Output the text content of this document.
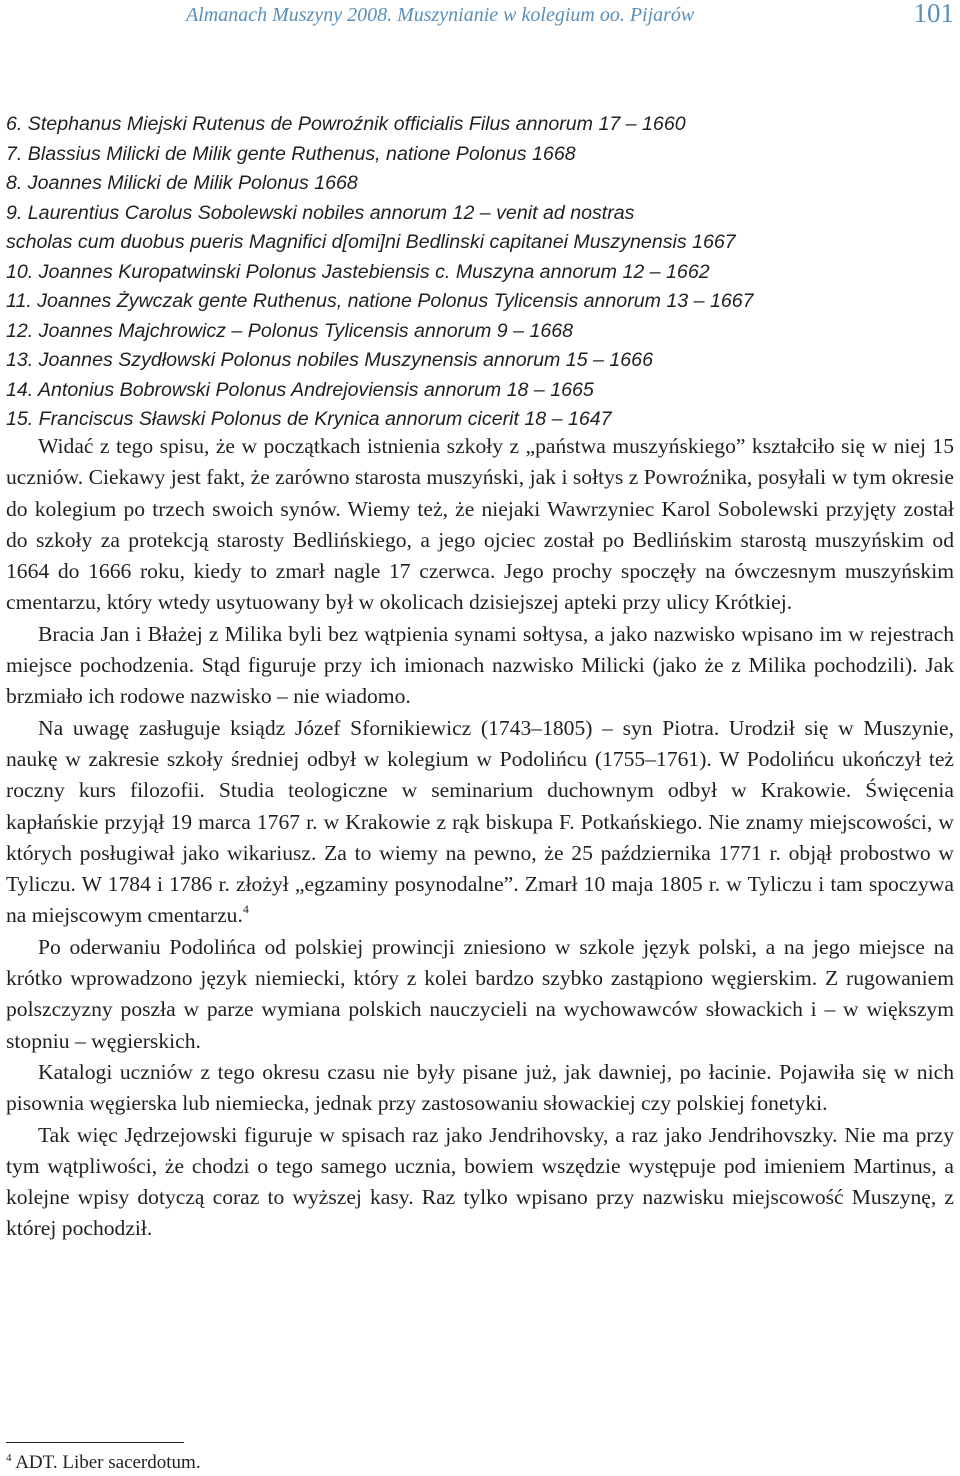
Almanach Muszyny 2008. Muszynianie w kolegium oo. Pijarów	101
6. Stephanus Miejski Rutenus de Powroźnik officialis Filus annorum 17 – 1660
7. Blassius Milicki de Milik gente Ruthenus, natione Polonus 1668
8. Joannes Milicki de Milik Polonus 1668
9. Laurentius Carolus Sobolewski nobiles annorum 12 – venit ad nostras
scholas cum duobus pueris Magnifici d[omi]ni Bedlinski capitanei Muszynensis 1667
10. Joannes Kuropatwinski Polonus Jastebiensis c. Muszyna annorum 12 – 1662
11. Joannes Żywczak gente Ruthenus, natione Polonus Tylicensis annorum 13 – 1667
12. Joannes Majchrowicz – Polonus Tylicensis annorum 9 – 1668
13. Joannes Szydłowski Polonus nobiles Muszynensis annorum 15 – 1666
14. Antonius Bobrowski Polonus Andrejoviensis annorum 18 – 1665
15. Franciscus Sławski Polonus de Krynica annorum cicerit 18 – 1647

Widać z tego spisu, że w początkach istnienia szkoły z „państwa muszyńskiego” kształciło się w niej 15 uczniów. Ciekawy jest fakt, że zarówno starosta muszyński, jak i sołtys z Powroźnika, posyłali w tym okresie do kolegium po trzech swoich synów. Wiemy też, że niejaki Wawrzyniec Karol Sobolewski przyjęty został do szkoły za protekcją starosty Bedlińskiego, a jego ojciec został po Bedlińskim starostą muszyńskim od 1664 do 1666 roku, kiedy to zmarł nagle 17 czerwca. Jego prochy spoczęły na ówczesnym muszyńskim cmentarzu, który wtedy usytuowany był w okolicach dzisiejszej apteki przy ulicy Krótkiej.

Bracia Jan i Błażej z Milika byli bez wątpienia synami sołtysa, a jako nazwisko wpisano im w rejestrach miejsce pochodzenia. Stąd figuruje przy ich imionach nazwisko Milicki (jako że z Milika pochodzili). Jak brzmiało ich rodowe nazwisko – nie wiadomo.

Na uwagę zasługuje ksiądz Józef Sfornikiewicz (1743–1805) – syn Piotra. Urodził się w Muszynie, naukę w zakresie szkoły średniej odbył w kolegium w Podolińcu (1755–1761). W Podolińcu ukończył też roczny kurs filozofii. Studia teologiczne w seminarium duchownym odbył w Krakowie. Święcenia kapłańskie przyjął 19 marca 1767 r. w Krakowie z rąk biskupa F. Potkańskiego. Nie znamy miejscowości, w których posługiwał jako wikariusz. Za to wiemy na pewno, że 25 października 1771 r. objął probostwo w Tyliczu. W 1784 i 1786 r. złożył „egzaminy posynodalne”. Zmarł 10 maja 1805 r. w Tyliczu i tam spoczywa na miejscowym cmentarzu.$^4$

Po oderwaniu Podolińca od polskiej prowincji zniesiono w szkole język polski, a na jego miejsce na krótko wprowadzono język niemiecki, który z kolei bardzo szybko zastąpiono węgierskim. Z rugowaniem polszczyzny poszła w parze wymiana polskich nauczycieli na wychowawców słowackich i – w większym stopniu – węgierskich.

Katalogi uczniów z tego okresu czasu nie były pisane już, jak dawniej, po łacinie. Pojawiła się w nich pisownia węgierska lub niemiecka, jednak przy zastosowaniu słowackiej czy polskiej fonetyki.

Tak więc Jędrzejowski figuruje w spisach raz jako Jendrihovsky, a raz jako Jendrihovszky. Nie ma przy tym wątpliwości, że chodzi o tego samego ucznia, bowiem wszędzie występuje pod imieniem Martinus, a kolejne wpisy dotyczą coraz to wyższej kasy. Raz tylko wpisano przy nazwisku miejscowość Muszynę, z której pochodził.

$^4$ ADT. Liber sacerdotum.
